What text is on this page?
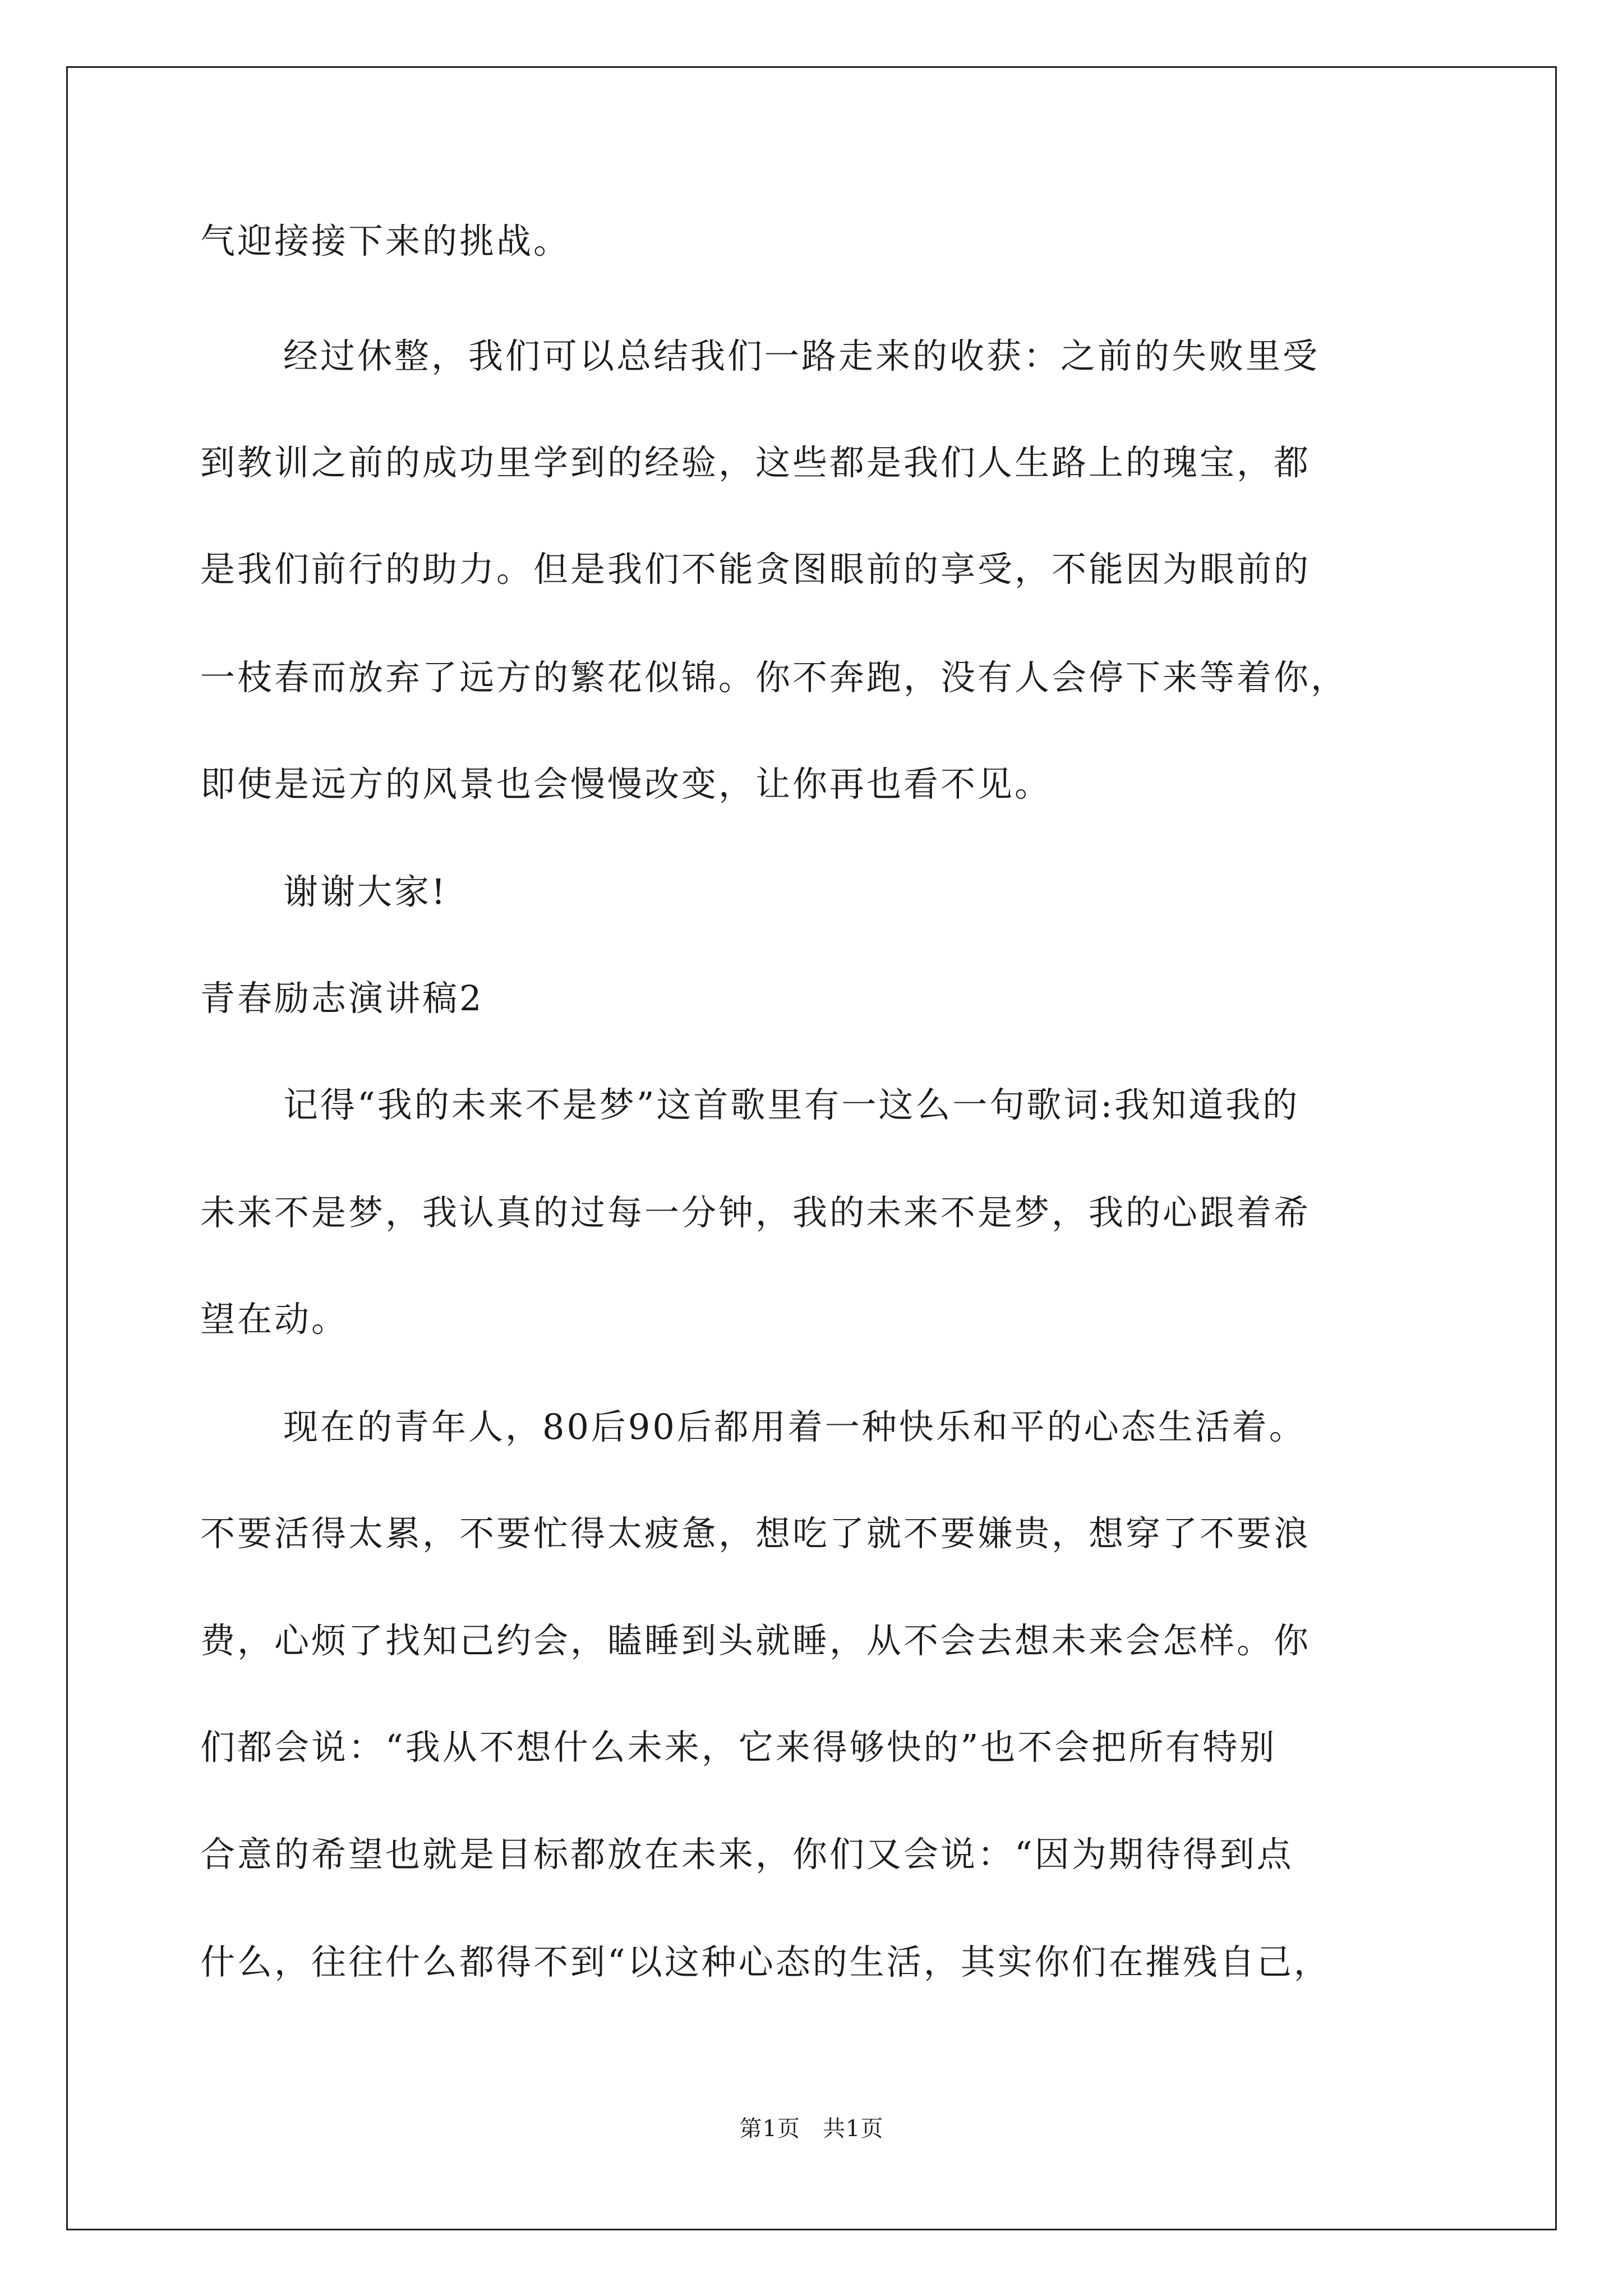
气迎接接下来的挑战。
经过休整，我们可以总结我们一路走来的收获：之前的失败里受
到教训之前的成功里学到的经验，这些都是我们人生路上的瑰宝，都
是我们前行的助力。但是我们不能贪图眼前的享受，不能因为眼前的
一枝春而放弃了远方的繁花似锦。你不奔跑，没有人会停下来等着你，
即使是远方的风景也会慢慢改变，让你再也看不见。
谢谢大家!
青春励志演讲稿2
记得“我的未来不是梦”这首歌里有一这么一句歌词:我知道我的
未来不是梦，我认真的过每一分钟，我的未来不是梦，我的心跟着希
望在动。
现在的青年人，80后90后都用着一种快乐和平的心态生活着。
不要活得太累，不要忙得太疲惫，想吃了就不要嫌贵，想穿了不要浪
费，心烦了找知己约会，瞌睡到头就睡，从不会去想未来会怎样。你
们都会说：“我从不想什么未来，它来得够快的”也不会把所有特别
合意的希望也就是目标都放在未来，你们又会说：“因为期待得到点
什么，往往什么都得不到“以这种心态的生活，其实你们在摧残自己，
第1页 共1页
